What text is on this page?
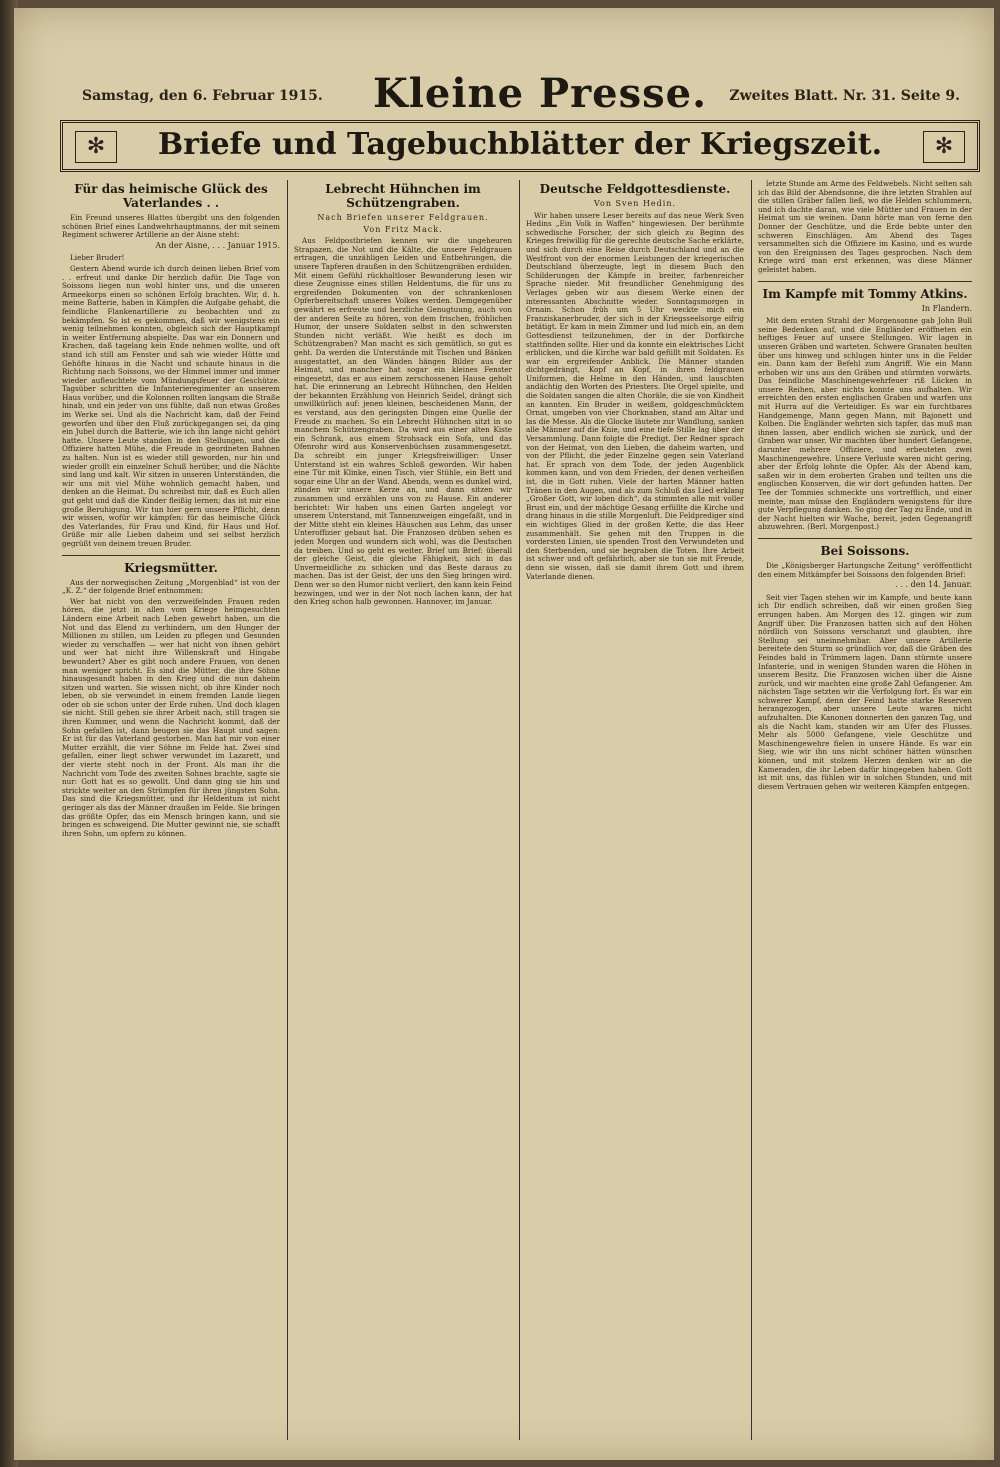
Samstag, den 6. Februar 1915. Kleine Presse. Zweites Blatt. Nr. 31. Seite 9.
✻	Briefe und Tagebuchblätter der Kriegszeit.	✻
Für das heimische Glück des Vaterlandes . .

Ein Freund unseres Blattes übergibt uns den folgenden schönen Brief eines Landwehrhauptmanns, der mit seinem Regiment schwerer Artillerie an der Aisne steht:

An der Aisne, . . . Januar 1915.

Lieber Bruder!

Gestern Abend wurde ich durch deinen lieben Brief vom . . erfreut und danke Dir herzlich dafür. Die Tage von Soissons liegen nun wohl hinter uns, und die unseren Armeekorps einen so schönen Erfolg brachten. Wir, d. h. meine Batterie, haben in Kämpfen die Aufgabe gehabt, die feindliche Flankenartillerie zu beobachten und zu bekämpfen. So ist es gekommen, daß wir wenigstens ein wenig teilnehmen konnten, obgleich sich der Hauptkampf in weiter Entfernung abspielte. Das war ein Donnern und Krachen, daß tagelang kein Ende nehmen wollte, und oft stand ich still am Fenster und sah wie wieder Hütte und Gehöfte hinaus in die Nacht und schaute hinaus in die Richtung nach Soissons, wo der Himmel immer und immer wieder aufleuchtete vom Mündungsfeuer der Geschütze. Tagsüber schritten die Infanterieregimenter an unserem Haus vorüber, und die Kolonnen rollten langsam die Straße hinab, und ein jeder von uns fühlte, daß nun etwas Großes im Werke sei. Und als die Nachricht kam, daß der Feind geworfen und über den Fluß zurückgegangen sei, da ging ein Jubel durch die Batterie, wie ich ihn lange nicht gehört hatte. Unsere Leute standen in den Stellungen, und die Offiziere hatten Mühe, die Freude in geordneten Bahnen zu halten. Nun ist es wieder still geworden, nur hin und wieder grollt ein einzelner Schuß herüber, und die Nächte sind lang und kalt. Wir sitzen in unseren Unterständen, die wir uns mit viel Mühe wohnlich gemacht haben, und denken an die Heimat. Du schreibst mir, daß es Euch allen gut geht und daß die Kinder fleißig lernen; das ist mir eine große Beruhigung. Wir tun hier gern unsere Pflicht, denn wir wissen, wofür wir kämpfen: für das heimische Glück des Vaterlandes, für Frau und Kind, für Haus und Hof. Grüße mir alle Lieben daheim und sei selbst herzlich gegrüßt von deinem treuen Bruder.

Kriegsmütter.

Aus der norwegischen Zeitung „Morgenblad“ ist von der „K. Z.“ der folgende Brief entnommen:

Wer hat nicht von den verzweifelnden Frauen reden hören, die jetzt in allen vom Kriege heimgesuchten Ländern eine Arbeit nach Leben gewehrt haben, um die Not und das Elend zu verhindern, um den Hunger der Millionen zu stillen, um Leiden zu pflegen und Gesunden wieder zu verschaffen — wer hat nicht von ihnen gehört und wer hat nicht ihre Willenskraft und Hingabe bewundert? Aber es gibt noch andere Frauen, von denen man weniger spricht. Es sind die Mütter, die ihre Söhne hinausgesandt haben in den Krieg und die nun daheim sitzen und warten. Sie wissen nicht, ob ihre Kinder noch leben, ob sie verwundet in einem fremden Lande liegen oder ob sie schon unter der Erde ruhen. Und doch klagen sie nicht. Still gehen sie ihrer Arbeit nach, still tragen sie ihren Kummer, und wenn die Nachricht kommt, daß der Sohn gefallen ist, dann beugen sie das Haupt und sagen: Er ist für das Vaterland gestorben. Man hat mir von einer Mutter erzählt, die vier Söhne im Felde hat. Zwei sind gefallen, einer liegt schwer verwundet im Lazarett, und der vierte steht noch in der Front. Als man ihr die Nachricht vom Tode des zweiten Sohnes brachte, sagte sie nur: Gott hat es so gewollt. Und dann ging sie hin und strickte weiter an den Strümpfen für ihren jüngsten Sohn. Das sind die Kriegsmütter, und ihr Heldentum ist nicht geringer als das der Männer draußen im Felde. Sie bringen das größte Opfer, das ein Mensch bringen kann, und sie bringen es schweigend. Die Mutter gewinnt nie, sie schafft ihren Sohn, um opfern zu können.

Lebrecht Hühnchen im Schützengraben.
Nach Briefen unserer Feldgrauen.
Von Fritz Mack.

Aus Feldpostbriefen kennen wir die ungeheuren Strapazen, die Not und die Kälte, die unsere Feldgrauen ertragen, die unzähligen Leiden und Entbehrungen, die unsere Tapferen draußen in den Schützengräben erdulden. Mit einem Gefühl rückhaltloser Bewunderung lesen wir diese Zeugnisse eines stillen Heldentums, die für uns zu ergreifenden Dokumenten von der schrankenlosen Opferbereitschaft unseres Volkes werden. Demgegenüber gewährt es erfreute und herzliche Genugtuung, auch von der anderen Seite zu hören, von dem frischen, fröhlichen Humor, der unsere Soldaten selbst in den schwersten Stunden nicht verläßt. Wie heißt es doch im Schützengraben? Man macht es sich gemütlich, so gut es geht. Da werden die Unterstände mit Tischen und Bänken ausgestattet, an den Wänden hängen Bilder aus der Heimat, und mancher hat sogar ein kleines Fenster eingesetzt, das er aus einem zerschossenen Hause geholt hat. Die erinnerung an Lebrecht Hühnchen, den Helden der bekannten Erzählung von Heinrich Seidel, drängt sich unwillkürlich auf: jenen kleinen, bescheidenen Mann, der es verstand, aus den geringsten Dingen eine Quelle der Freude zu machen. So ein Lebrecht Hühnchen sitzt in so manchem Schützengraben. Da wird aus einer alten Kiste ein Schrank, aus einem Strohsack ein Sofa, und das Ofenrohr wird aus Konservenbüchsen zusammengesetzt. Da schreibt ein junger Kriegsfreiwilliger: Unser Unterstand ist ein wahres Schloß geworden. Wir haben eine Tür mit Klinke, einen Tisch, vier Stühle, ein Bett und sogar eine Uhr an der Wand. Abends, wenn es dunkel wird, zünden wir unsere Kerze an, und dann sitzen wir zusammen und erzählen uns von zu Hause. Ein anderer berichtet: Wir haben uns einen Garten angelegt vor unserem Unterstand, mit Tannenzweigen eingefaßt, und in der Mitte steht ein kleines Häuschen aus Lehm, das unser Unteroffizier gebaut hat. Die Franzosen drüben sehen es jeden Morgen und wundern sich wohl, was die Deutschen da treiben. Und so geht es weiter, Brief um Brief: überall der gleiche Geist, die gleiche Fähigkeit, sich in das Unvermeidliche zu schicken und das Beste daraus zu machen. Das ist der Geist, der uns den Sieg bringen wird. Denn wer so den Humor nicht verliert, den kann kein Feind bezwingen, und wer in der Not noch lachen kann, der hat den Krieg schon halb gewonnen. Hannover, im Januar.

Deutsche Feldgottesdienste.
Von Sven Hedin.

Wir haben unsere Leser bereits auf das neue Werk Sven Hedins „Ein Volk in Waffen“ hingewiesen. Der berühmte schwedische Forscher, der sich gleich zu Beginn des Krieges freiwillig für die gerechte deutsche Sache erklärte, und sich durch eine Reise durch Deutschland und an die Westfront von der enormen Leistungen der kriegerischen Deutschland überzeugte, legt in diesem Buch den Schilderungen der Kämpfe in breiter, farbenreicher Sprache nieder. Mit freundlicher Genehmigung des Verlages geben wir aus diesem Werke einen der interessanten Abschnitte wieder. Sonntagsmorgen in Ornain. Schon früh um 5 Uhr weckte mich ein Franziskanerbruder, der sich in der Kriegsseelsorge eifrig betätigt. Er kam in mein Zimmer und lud mich ein, an dem Gottesdienst teilzunehmen, der in der Dorfkirche stattfinden sollte. Hier und da konnte ein elektrisches Licht erblicken, und die Kirche war bald gefüllt mit Soldaten. Es war ein ergreifender Anblick. Die Männer standen dichtgedrängt, Kopf an Kopf, in ihren feldgrauen Uniformen, die Helme in den Händen, und lauschten andächtig den Worten des Priesters. Die Orgel spielte, und die Soldaten sangen die alten Choräle, die sie von Kindheit an kannten. Ein Bruder in weißem, goldgeschmücktem Ornat, umgeben von vier Chorknaben, stand am Altar und las die Messe. Als die Glocke läutete zur Wandlung, sanken alle Männer auf die Knie, und eine tiefe Stille lag über der Versammlung. Dann folgte die Predigt. Der Redner sprach von der Heimat, von den Lieben, die daheim warten, und von der Pflicht, die jeder Einzelne gegen sein Vaterland hat. Er sprach von dem Tode, der jeden Augenblick kommen kann, und von dem Frieden, der denen verheißen ist, die in Gott ruhen. Viele der harten Männer hatten Tränen in den Augen, und als zum Schluß das Lied erklang „Großer Gott, wir loben dich“, da stimmten alle mit voller Brust ein, und der mächtige Gesang erfüllte die Kirche und drang hinaus in die stille Morgenluft. Die Feldprediger sind ein wichtiges Glied in der großen Kette, die das Heer zusammenhält. Sie gehen mit den Truppen in die vordersten Linien, sie spenden Trost den Verwundeten und den Sterbenden, und sie begraben die Toten. Ihre Arbeit ist schwer und oft gefährlich, aber sie tun sie mit Freude, denn sie wissen, daß sie damit ihrem Gott und ihrem Vaterlande dienen.

letzte Stunde am Arme des Feldwebels. Nicht selten sah ich das Bild der Abendsonne, die ihre letzten Strahlen auf die stillen Gräber fallen ließ, wo die Helden schlummern, und ich dachte daran, wie viele Mütter und Frauen in der Heimat um sie weinen. Dann hörte man von ferne den Donner der Geschütze, und die Erde bebte unter den schweren Einschlägen. Am Abend des Tages versammelten sich die Offiziere im Kasino, und es wurde von den Ereignissen des Tages gesprochen. Nach dem Kriege wird man erst erkennen, was diese Männer geleistet haben.

Im Kampfe mit Tommy Atkins.
In Flandern.

Mit dem ersten Strahl der Morgensonne gab John Bull seine Bedenken auf, und die Engländer eröffneten ein heftiges Feuer auf unsere Stellungen. Wir lagen in unseren Gräben und warteten. Schwere Granaten heulten über uns hinweg und schlugen hinter uns in die Felder ein. Dann kam der Befehl zum Angriff. Wie ein Mann erhoben wir uns aus den Gräben und stürmten vorwärts. Das feindliche Maschinengewehrfeuer riß Lücken in unsere Reihen, aber nichts konnte uns aufhalten. Wir erreichten den ersten englischen Graben und warfen uns mit Hurra auf die Verteidiger. Es war ein furchtbares Handgemenge, Mann gegen Mann, mit Bajonett und Kolben. Die Engländer wehrten sich tapfer, das muß man ihnen lassen, aber endlich wichen sie zurück, und der Graben war unser. Wir machten über hundert Gefangene, darunter mehrere Offiziere, und erbeuteten zwei Maschinengewehre. Unsere Verluste waren nicht gering, aber der Erfolg lohnte die Opfer. Als der Abend kam, saßen wir in dem eroberten Graben und teilten uns die englischen Konserven, die wir dort gefunden hatten. Der Tee der Tommies schmeckte uns vortrefflich, und einer meinte, man müsse den Engländern wenigstens für ihre gute Verpflegung danken. So ging der Tag zu Ende, und in der Nacht hielten wir Wache, bereit, jeden Gegenangriff abzuwehren. (Berl. Morgenpost.)

Bei Soissons.

Die „Königsberger Hartungsche Zeitung“ veröffentlicht den einem Mitkämpfer bei Soissons den folgenden Brief:

. . . den 14. Januar.

Seit vier Tagen stehen wir im Kampfe, und heute kann ich Dir endlich schreiben, daß wir einen großen Sieg errungen haben. Am Morgen des 12. gingen wir zum Angriff über. Die Franzosen hatten sich auf den Höhen nördlich von Soissons verschanzt und glaubten, ihre Stellung sei uneinnehmbar. Aber unsere Artillerie bereitete den Sturm so gründlich vor, daß die Gräben des Feindes bald in Trümmern lagen. Dann stürmte unsere Infanterie, und in wenigen Stunden waren die Höhen in unserem Besitz. Die Franzosen wichen über die Aisne zurück, und wir machten eine große Zahl Gefangener. Am nächsten Tage setzten wir die Verfolgung fort. Es war ein schwerer Kampf, denn der Feind hatte starke Reserven herangezogen, aber unsere Leute waren nicht aufzuhalten. Die Kanonen donnerten den ganzen Tag, und als die Nacht kam, standen wir am Ufer des Flusses. Mehr als 5000 Gefangene, viele Geschütze und Maschinengewehre fielen in unsere Hände. Es war ein Sieg, wie wir ihn uns nicht schöner hätten wünschen können, und mit stolzem Herzen denken wir an die Kameraden, die ihr Leben dafür hingegeben haben. Gott ist mit uns, das fühlen wir in solchen Stunden, und mit diesem Vertrauen gehen wir weiteren Kämpfen entgegen.
